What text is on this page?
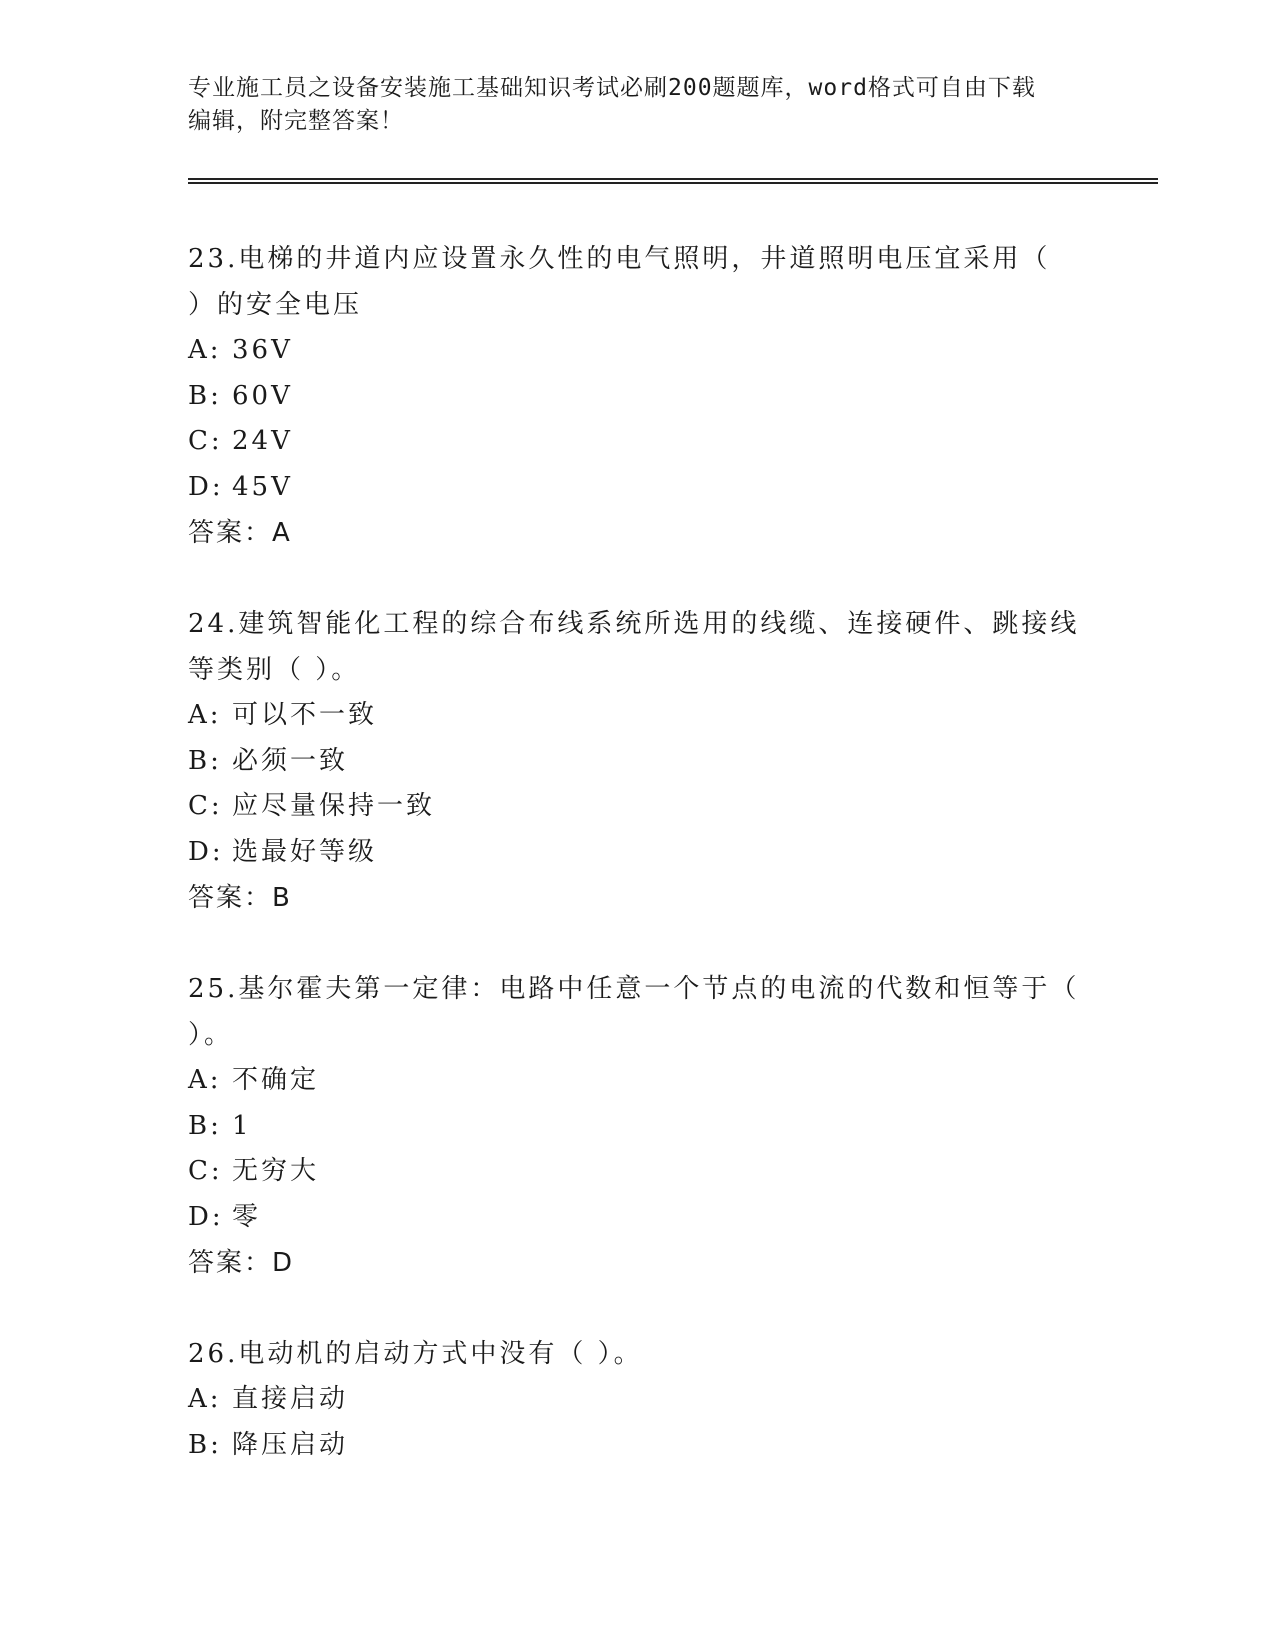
专业施工员之设备安装施工基础知识考试必刷200题题库，word格式可自由下载
编辑，附完整答案！
23.电梯的井道内应设置永久性的电气照明，井道照明电压宜采用（
）的安全电压
A: 36V
B: 60V
C: 24V
D: 45V
答案：A
24.建筑智能化工程的综合布线系统所选用的线缆、连接硬件、跳接线
等类别（ ）。
A: 可以不一致
B: 必须一致
C: 应尽量保持一致
D: 选最好等级
答案：B
25.基尔霍夫第一定律：电路中任意一个节点的电流的代数和恒等于（
）。
A: 不确定
B: 1
C: 无穷大
D: 零
答案：D
26.电动机的启动方式中没有（ ）。
A: 直接启动
B: 降压启动
